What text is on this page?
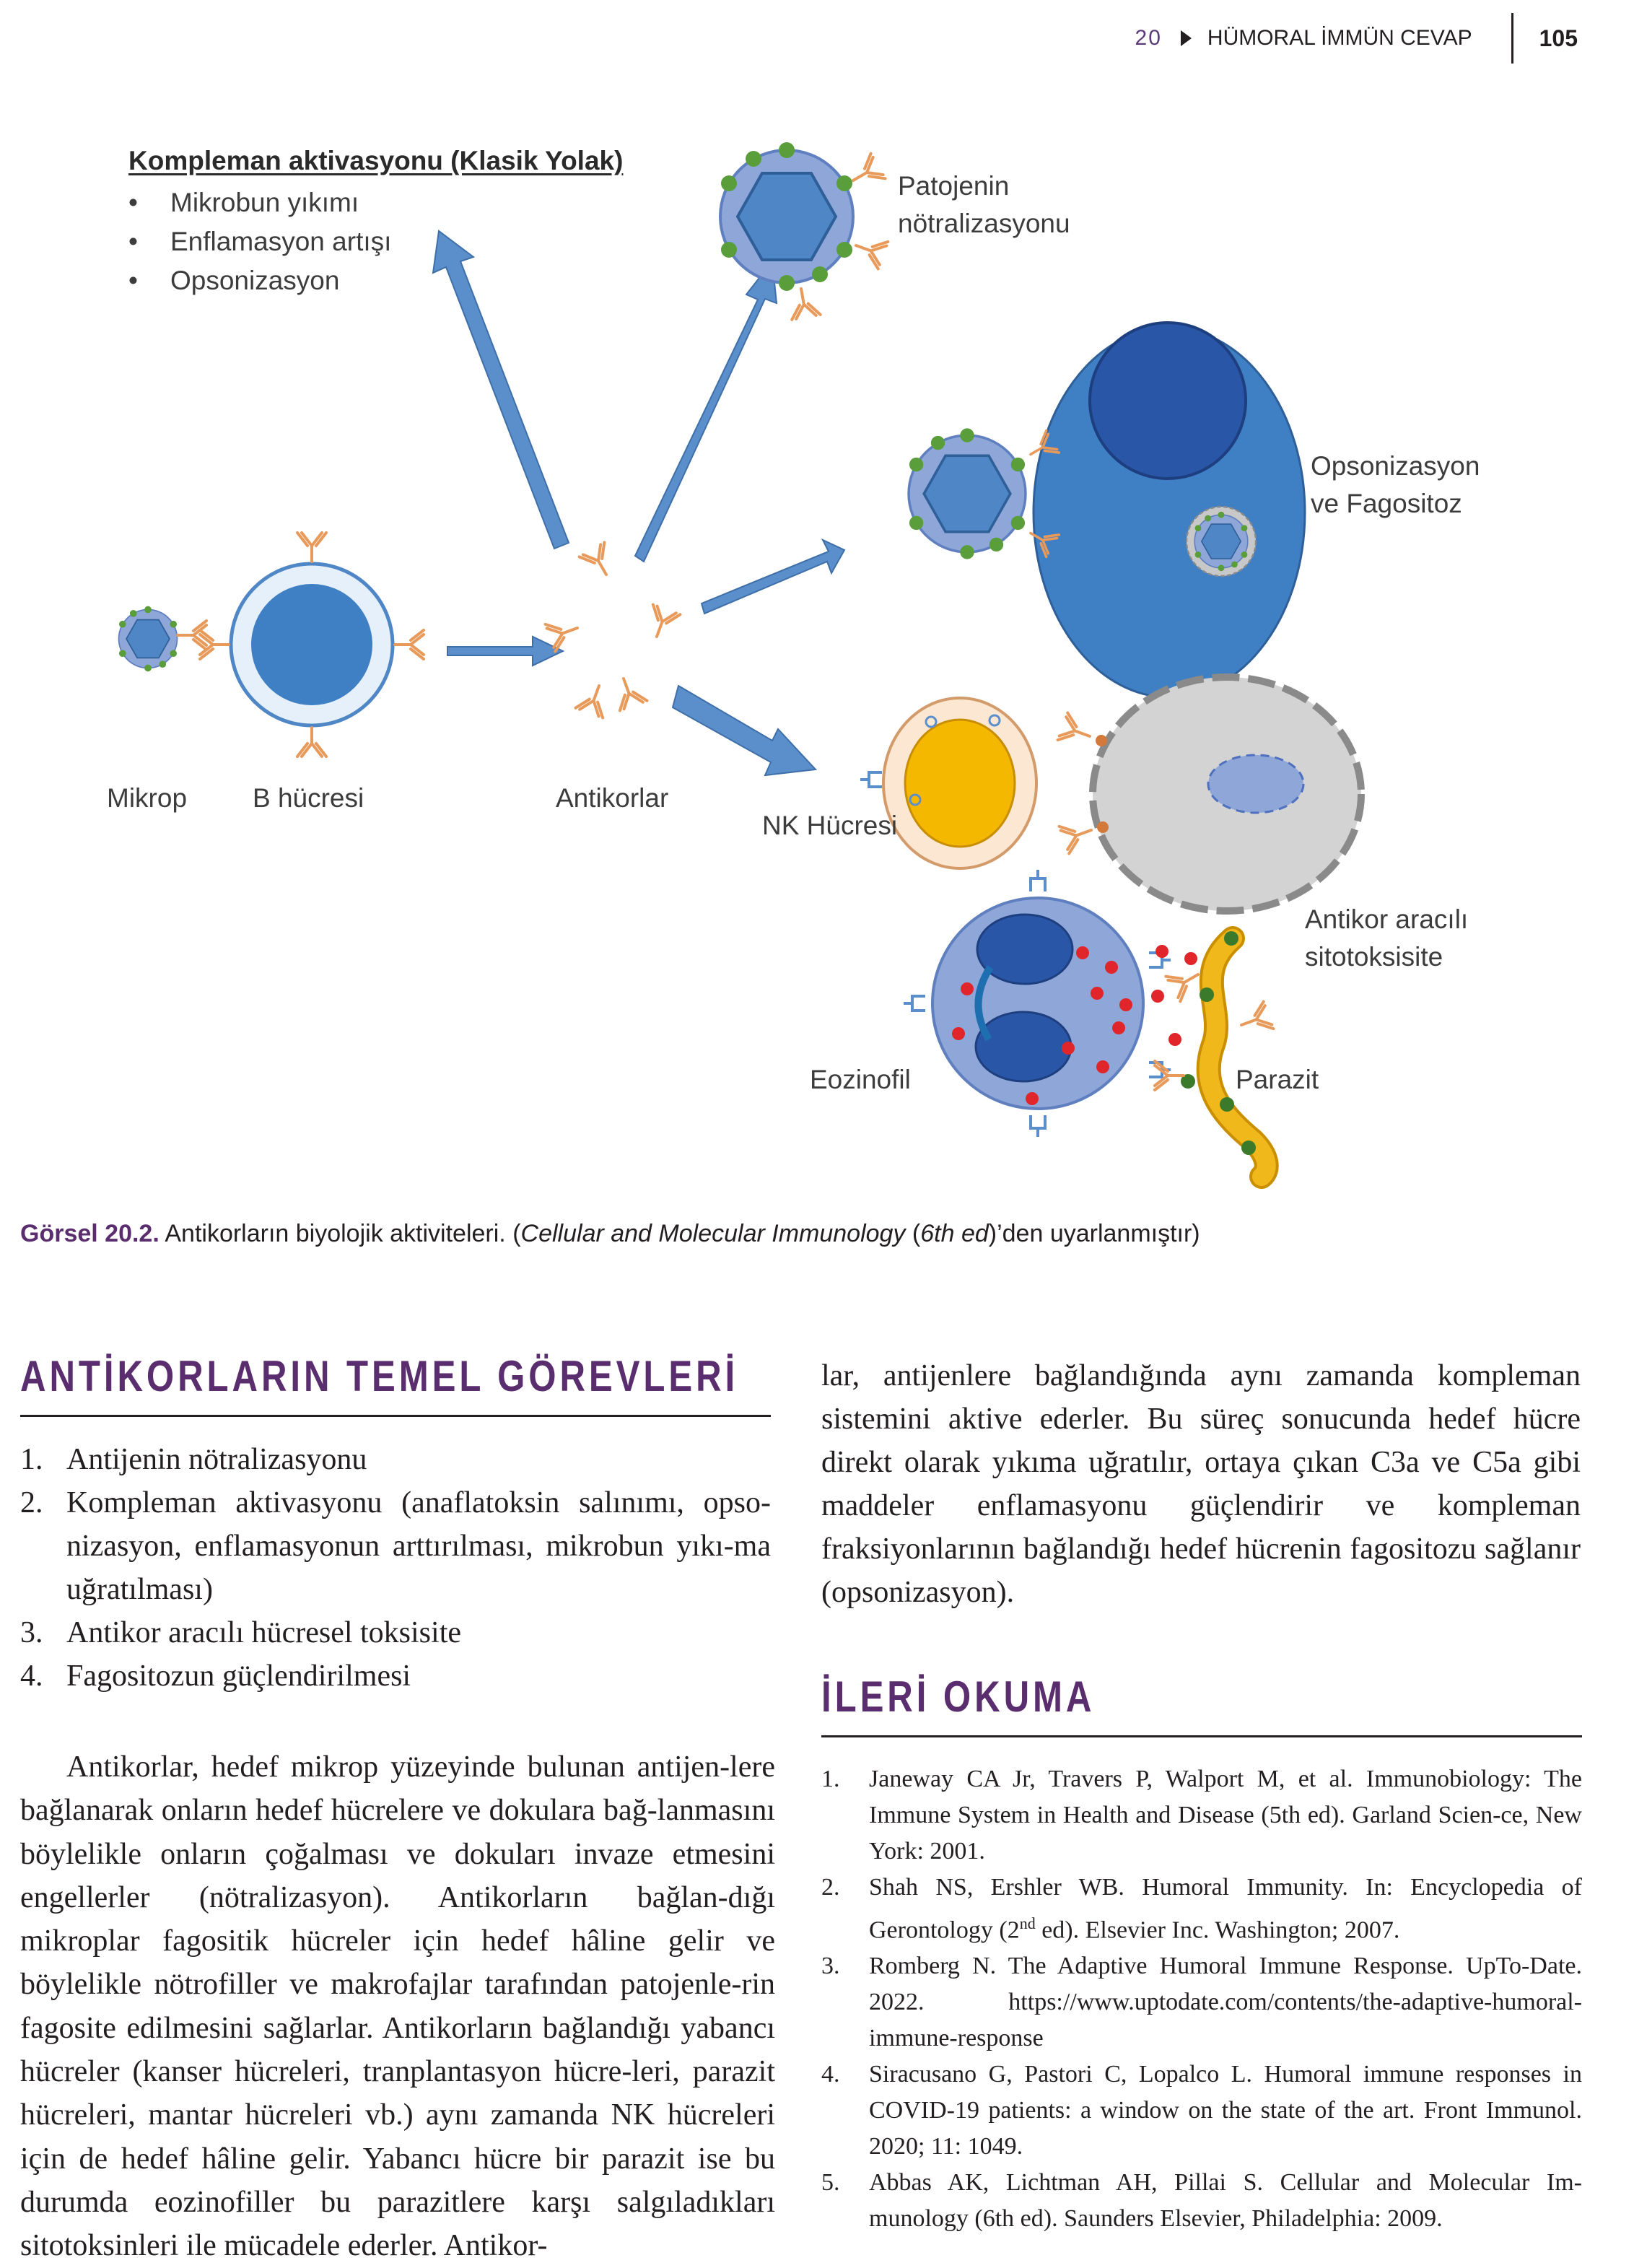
20 HÜMORAL İMMÜN CEVAP	105
Kompleman aktivasyonu (Klasik Yolak)
• Mikrobun yıkımı
• Enflamasyon artışı
• Opsonizasyon
Patojenin
nötralizasyonu
Opsonizasyon
ve Fagositoz
Mikrop B hücresi	Antikorlar
NK Hücresi
Antikor aracılı
sitotoksisite
Eozinofil	Parazit
Görsel 20.2. Antikorların biyolojik aktiviteleri. (Cellular and Molecular Immunology (6th ed)’den uyarlanmıştır)
ANTİKORLARIN TEMEL GÖREVLERİ
1. Antijenin nötralizasyonu
2. Kompleman aktivasyonu (anaflatoksin salınımı, opso-nizasyon, enflamasyonun arttırılması, mikrobun yıkı-ma uğratılması)
3. Antikor aracılı hücresel toksisite
4. Fagositozun güçlendirilmesi

Antikorlar, hedef mikrop yüzeyinde bulunan antijen-lere bağlanarak onların hedef hücrelere ve dokulara bağ-lanmasını böylelikle onların çoğalması ve dokuları invaze etmesini engellerler (nötralizasyon). Antikorların bağlan-dığı mikroplar fagositik hücreler için hedef hâline gelir ve böylelikle nötrofiller ve makrofajlar tarafından patojenle-rin fagosite edilmesini sağlarlar. Antikorların bağlandığı yabancı hücreler (kanser hücreleri, tranplantasyon hücre-leri, parazit hücreleri, mantar hücreleri vb.) aynı zamanda NK hücreleri için de hedef hâline gelir. Yabancı hücre bir parazit ise bu durumda eozinofiller bu parazitlere karşı salgıladıkları sitotoksinleri ile mücadele ederler. Antikor-

lar, antijenlere bağlandığında aynı zamanda kompleman sistemini aktive ederler. Bu süreç sonucunda hedef hücre direkt olarak yıkıma uğratılır, ortaya çıkan C3a ve C5a gibi maddeler enflamasyonu güçlendirir ve kompleman fraksiyonlarının bağlandığı hedef hücrenin fagositozu sağlanır (opsonizasyon).

İLERİ OKUMA
1. Janeway CA Jr, Travers P, Walport M, et al. Immunobiology: The Immune System in Health and Disease (5th ed). Garland Scien-ce, New York: 2001.
2. Shah NS, Ershler WB. Humoral Immunity. In: Encyclopedia of Gerontology (2nd ed). Elsevier Inc. Washington; 2007.
3. Romberg N. The Adaptive Humoral Immune Response. UpTo-Date. 2022. https://www.uptodate.com/contents/the-adaptive-humoral-immune-response
4. Siracusano G, Pastori C, Lopalco L. Humoral immune responses in COVID-19 patients: a window on the state of the art. Front Immunol. 2020; 11: 1049.
5. Abbas AK, Lichtman AH, Pillai S. Cellular and Molecular Im-munology (6th ed). Saunders Elsevier, Philadelphia: 2009.
